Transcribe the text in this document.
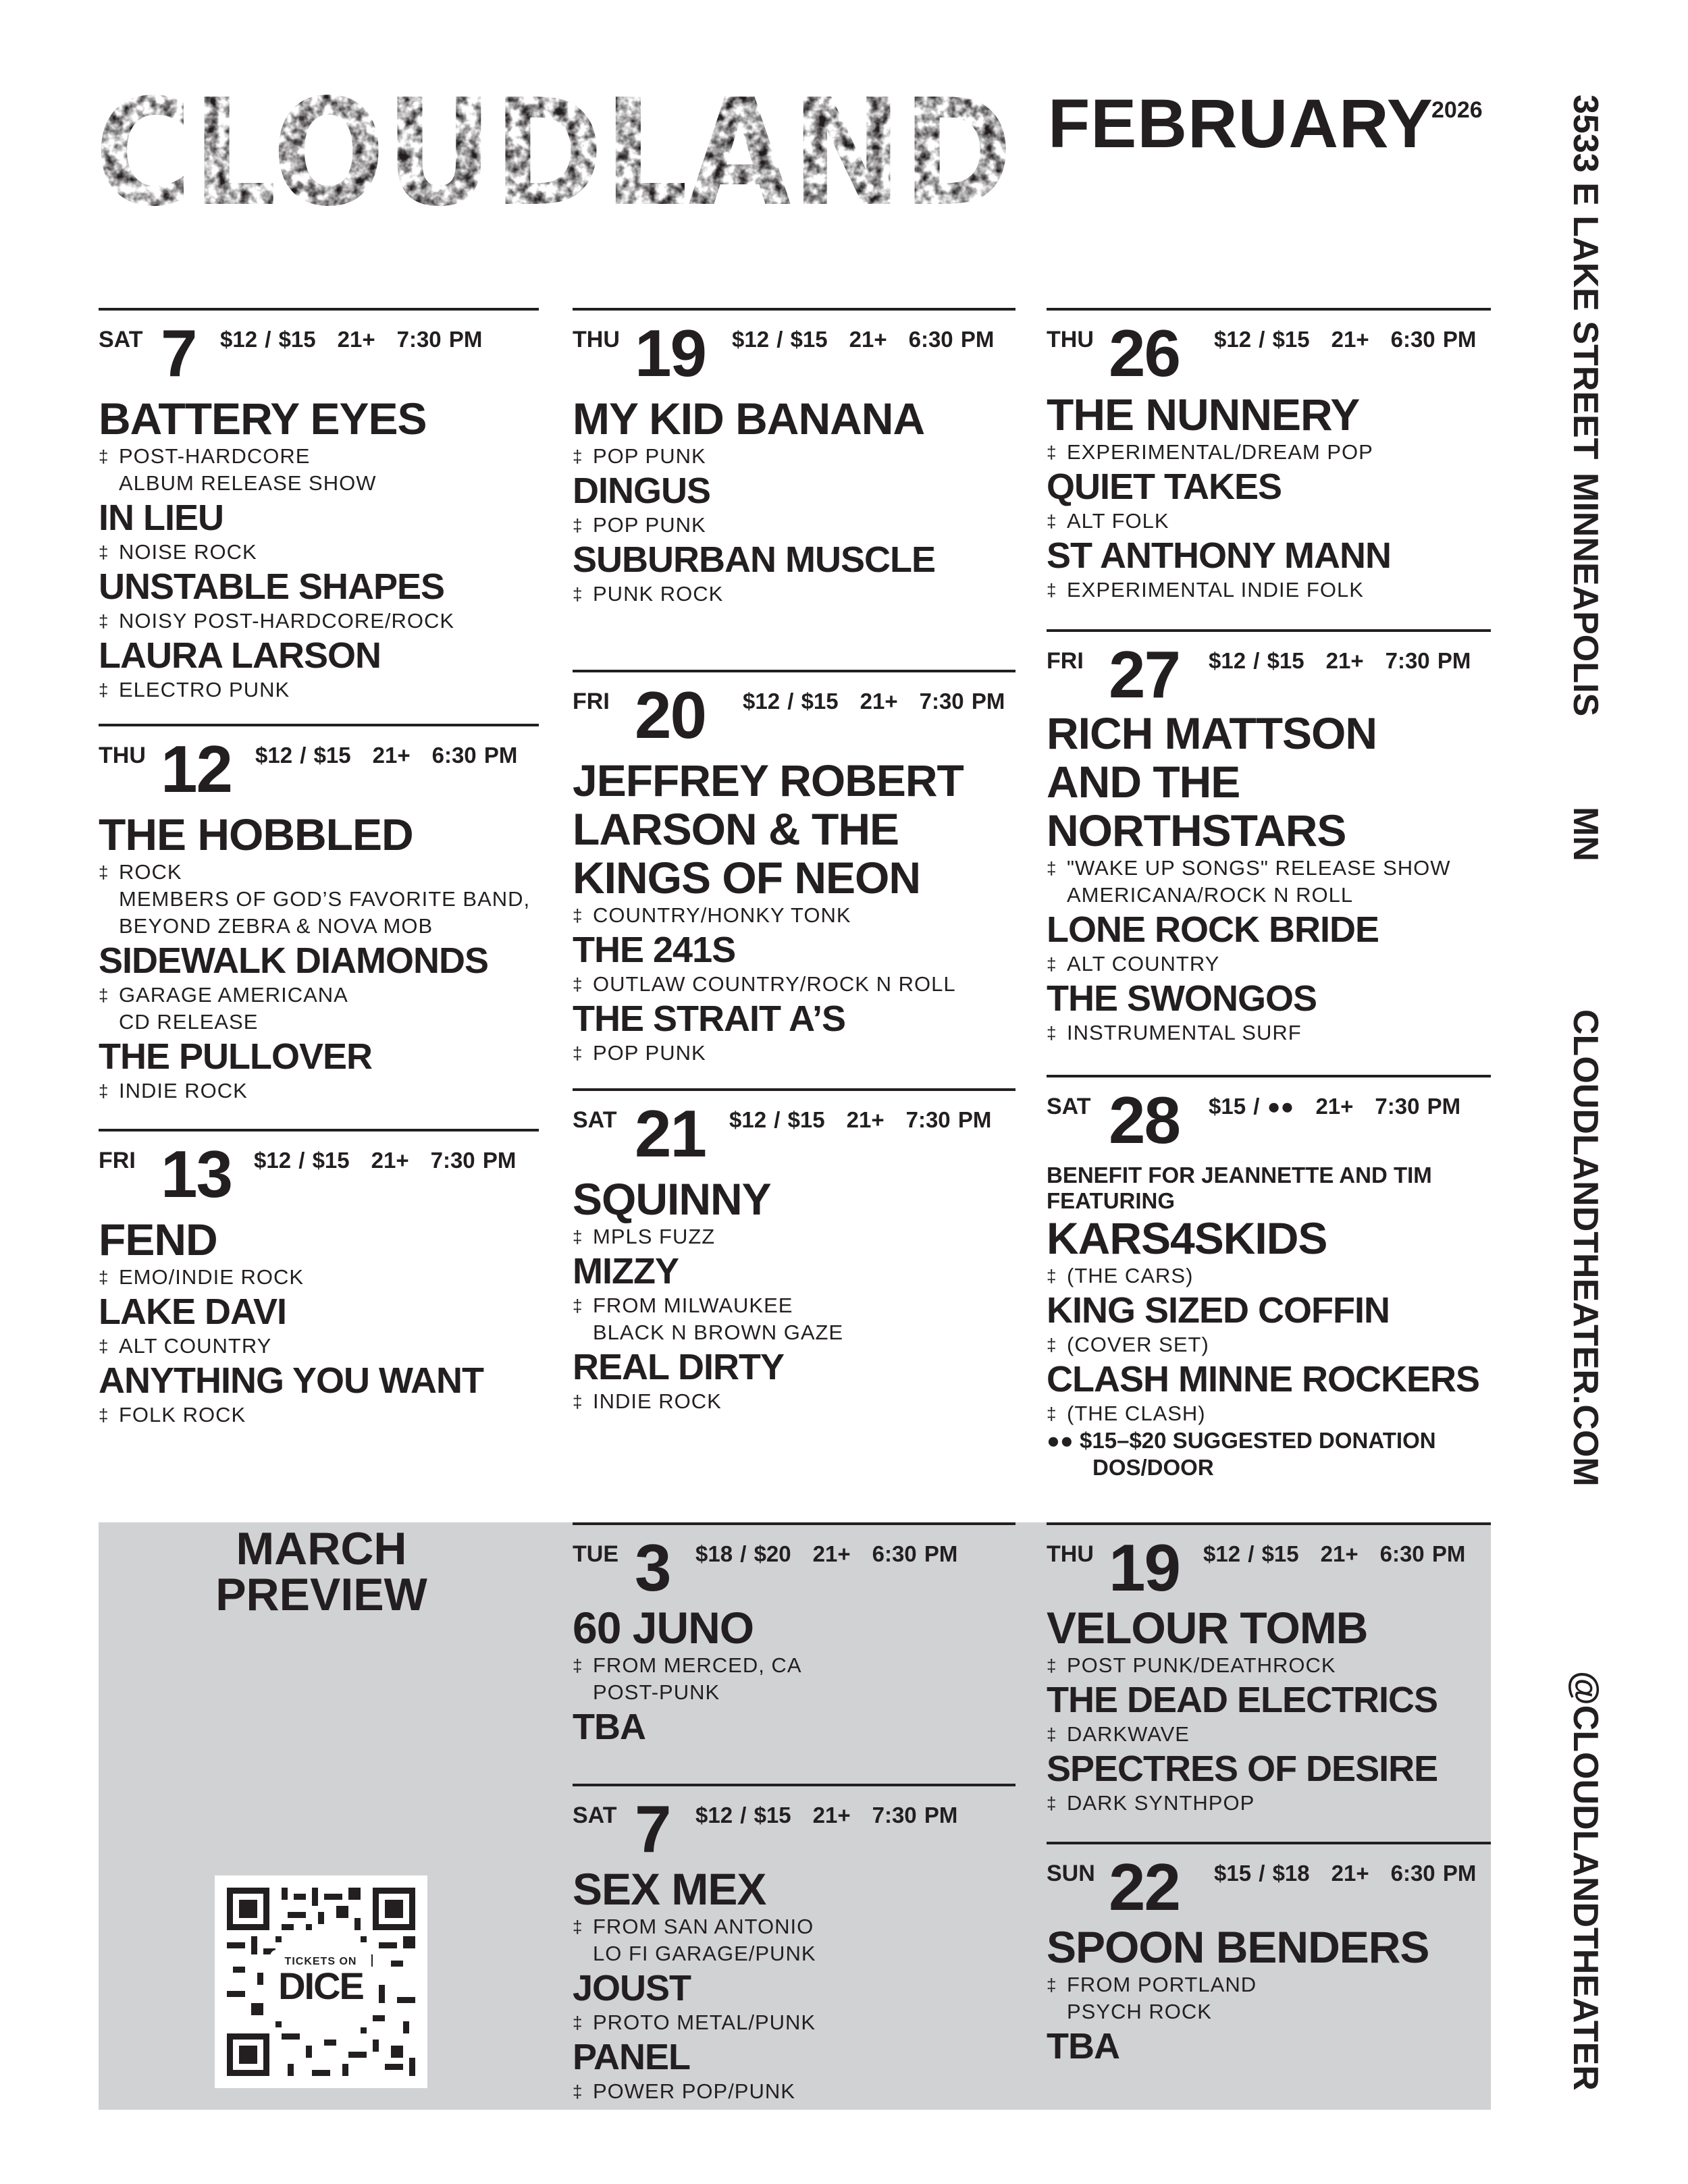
CLOUDLAND FEBRUARY
2026	3533 E LAKE STREET
MINNEAPOLIS
MN
CLOUDLANDTHEATER.COM
@CLOUDLANDTHEATER
MARCH
PREVIEW
TICKETS ON
DICE
SAT 7 $12 / $15 21+ 7:30 PM
BATTERY EYES
‡ POST-HARDCORE
ALBUM RELEASE SHOW
IN LIEU
‡ NOISE ROCK
UNSTABLE SHAPES
‡ NOISY POST-HARDCORE/ROCK
LAURA LARSON
‡ ELECTRO PUNK
THU 12 $12 / $15 21+ 6:30 PM
THE HOBBLED
‡ ROCK
MEMBERS OF GOD’S FAVORITE BAND,
BEYOND ZEBRA & NOVA MOB
SIDEWALK DIAMONDS
‡ GARAGE AMERICANA
CD RELEASE
THE PULLOVER
‡ INDIE ROCK
FRI 13 $12 / $15 21+ 7:30 PM
FEND
‡ EMO/INDIE ROCK
LAKE DAVI
‡ ALT COUNTRY
ANYTHING YOU WANT
‡ FOLK ROCK
THU 19 $12 / $15 21+ 6:30 PM
MY KID BANANA
‡ POP PUNK
DINGUS
‡ POP PUNK
SUBURBAN MUSCLE
‡ PUNK ROCK
FRI 20 $12 / $15 21+ 7:30 PM
JEFFREY ROBERT
LARSON & THE
KINGS OF NEON
‡ COUNTRY/HONKY TONK
THE 241S
‡ OUTLAW COUNTRY/ROCK N ROLL
THE STRAIT A’S
‡ POP PUNK
SAT 21 $12 / $15 21+ 7:30 PM
SQUINNY
‡ MPLS FUZZ
MIZZY
‡ FROM MILWAUKEE
BLACK N BROWN GAZE
REAL DIRTY
‡ INDIE ROCK
THU 26 $12 / $15 21+ 6:30 PM
THE NUNNERY
‡ EXPERIMENTAL/DREAM POP
QUIET TAKES
‡ ALT FOLK
ST ANTHONY MANN
‡ EXPERIMENTAL INDIE FOLK
FRI 27 $12 / $15 21+ 7:30 PM
RICH MATTSON
AND THE
NORTHSTARS
‡ "WAKE UP SONGS" RELEASE SHOW
AMERICANA/ROCK N ROLL
LONE ROCK BRIDE
‡ ALT COUNTRY
THE SWONGOS
‡ INSTRUMENTAL SURF
SAT 28 $15 / ●● 21+ 7:30 PM
BENEFIT FOR JEANNETTE AND TIM
FEATURING
KARS4SKIDS
‡ (THE CARS)
KING SIZED COFFIN
‡ (COVER SET)
CLASH MINNE ROCKERS
‡ (THE CLASH)
●● $15–$20 SUGGESTED DONATION
DOS/DOOR
TUE 3 $18 / $20 21+ 6:30 PM
60 JUNO
‡ FROM MERCED, CA
POST-PUNK
TBA
SAT 7 $12 / $15 21+ 7:30 PM
SEX MEX
‡ FROM SAN ANTONIO
LO FI GARAGE/PUNK
JOUST
‡ PROTO METAL/PUNK
PANEL
‡ POWER POP/PUNK
THU 19 $12 / $15 21+ 6:30 PM
VELOUR TOMB
‡ POST PUNK/DEATHROCK
THE DEAD ELECTRICS
‡ DARKWAVE
SPECTRES OF DESIRE
‡ DARK SYNTHPOP
SUN 22 $15 / $18 21+ 6:30 PM
SPOON BENDERS
‡ FROM PORTLAND
PSYCH ROCK
TBA
